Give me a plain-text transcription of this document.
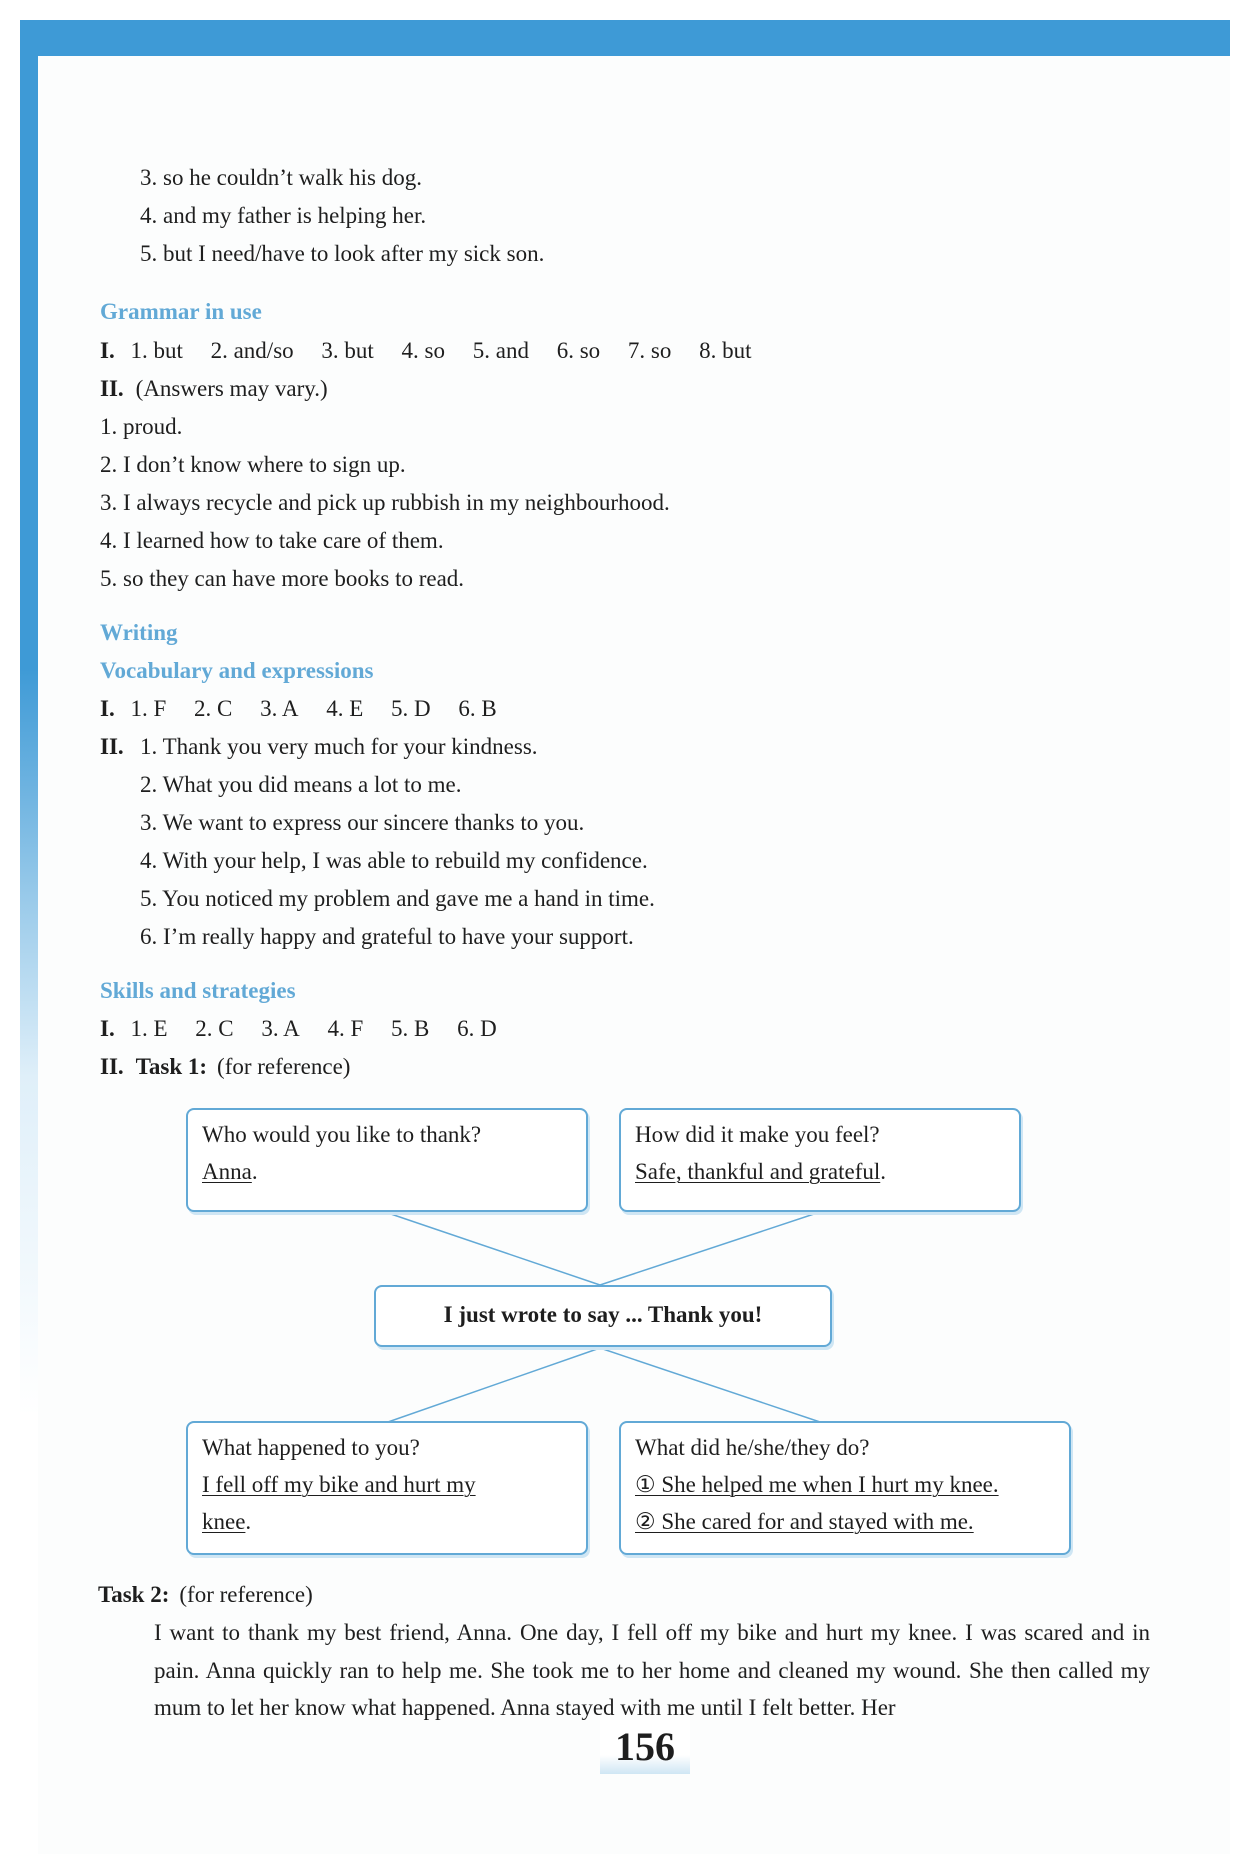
3. so he couldn’t walk his dog.
4. and my father is helping her.
5. but I need/have to look after my sick son.
Grammar in use
I. 1. but 2. and/so 3. but 4. so 5. and 6. so 7. so 8. but
II. (Answers may vary.)
1. proud.
2. I don’t know where to sign up.
3. I always recycle and pick up rubbish in my neighbourhood.
4. I learned how to take care of them.
5. so they can have more books to read.
Writing
Vocabulary and expressions
I. 1. F 2. C 3. A 4. E 5. D 6. B
II. 1. Thank you very much for your kindness.
2. What you did means a lot to me.
3. We want to express our sincere thanks to you.
4. With your help, I was able to rebuild my confidence.
5. You noticed my problem and gave me a hand in time.
6. I’m really happy and grateful to have your support.
Skills and strategies
I. 1. E 2. C 3. A 4. F 5. B 6. D
II. Task 1: (for reference)
Who would you like to thank?
Anna.
How did it make you feel?
Safe, thankful and grateful.
I just wrote to say ... Thank you!
What happened to you?
I fell off my bike and hurt my
knee.
What did he/she/they do?
① She helped me when I hurt my knee.
② She cared for and stayed with me.
Task 2: (for reference)
I want to thank my best friend, Anna. One day, I fell off my bike and hurt my knee. I was scared and in pain. Anna quickly ran to help me. She took me to her home and cleaned my wound. She then called my mum to let her know what happened. Anna stayed with me until I felt better. Her
156
